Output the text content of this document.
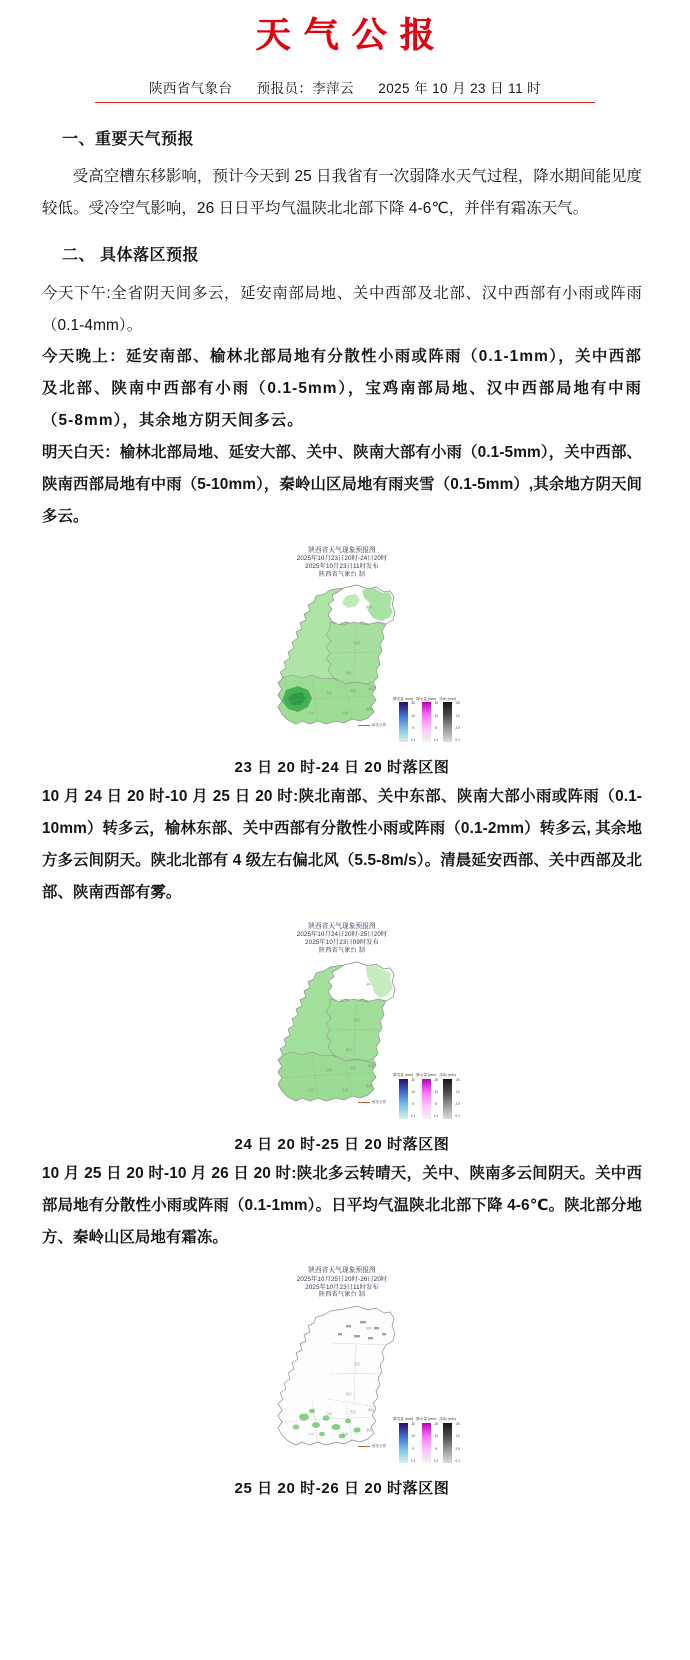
天气公报
陕西省气象台 预报员：李萍云 2025 年 10 月 23 日 11 时
一、重要天气预报

受高空槽东移影响，预计今天到 25 日我省有一次弱降水天气过程，降水期间能见度较低。受冷空气影响，26 日日平均气温陕北北部下降 4-6℃，并伴有霜冻天气。

二、 具体落区预报

今天下午:全省阴天间多云，延安南部局地、关中西部及北部、汉中西部有小雨或阵雨（0.1-4mm）。

今天晚上：延安南部、榆林北部局地有分散性小雨或阵雨（0.1-1mm），关中西部及北部、陕南中西部有小雨（0.1-5mm），宝鸡南部局地、汉中西部局地有中雨（5-8mm），其余地方阴天间多云。

明天白天：榆林北部局地、延安大部、关中、陕南大部有小雨（0.1-5mm），关中西部、陕南西部局地有中雨（5-10mm），秦岭山区局地有雨夹雪（0.1-5mm）,其余地方阴天间多云。

陕西省天气现象预报图
2025年10月23日20时-24日20时
2025年10月23日11时发布
陕西省气象台 制
榆林
延安
铜川
宝鸡	西安	渭南
汉中	安康
商洛
雨雪分界
降雪量 (mm)
30
10
5
0.1
降水量 (mm)
25
10
5
0.1
冻雨 (mm)
25
10
2.5
0.1
23 日 20 时-24 日 20 时落区图

10 月 24 日 20 时-10 月 25 日 20 时:陕北南部、关中东部、陕南大部小雨或阵雨（0.1-10mm）转多云，榆林东部、关中西部有分散性小雨或阵雨（0.1-2mm）转多云, 其余地方多云间阴天。陕北北部有 4 级左右偏北风（5.5-8m/s）。清晨延安西部、关中西部及北部、陕南西部有雾。

陕西省天气现象预报图
2025年10月24日20时-25日20时
2025年10月23日09时发布
陕西省气象台 制
榆林
延安
铜川
宝鸡	西安	渭南
汉中	安康
商洛
雨雪分界
降雪量 (mm)
30
10
5
0.1
降水量 (mm)
25
10
5
0.1
冻雨 (mm)
25
10
2.5
0.1
24 日 20 时-25 日 20 时落区图

10 月 25 日 20 时-10 月 26 日 20 时:陕北多云转晴天，关中、陕南多云间阴天。关中西部局地有分散性小雨或阵雨（0.1-1mm）。日平均气温陕北北部下降 4-6℃。陕北部分地方、秦岭山区局地有霜冻。

陕西省天气现象预报图
2025年10月25日20时-26日20时
2025年10月23日11时发布
陕西省气象台 制
榆林
延安
铜川
宝鸡	西安	渭南
汉中	安康
商洛
雨雪分界
降雪量 (mm)
30
10
5
0.1
降水量 (mm)
25
10
5
0.1
冻雨 (mm)
25
10
2.5
0.1
25 日 20 时-26 日 20 时落区图
